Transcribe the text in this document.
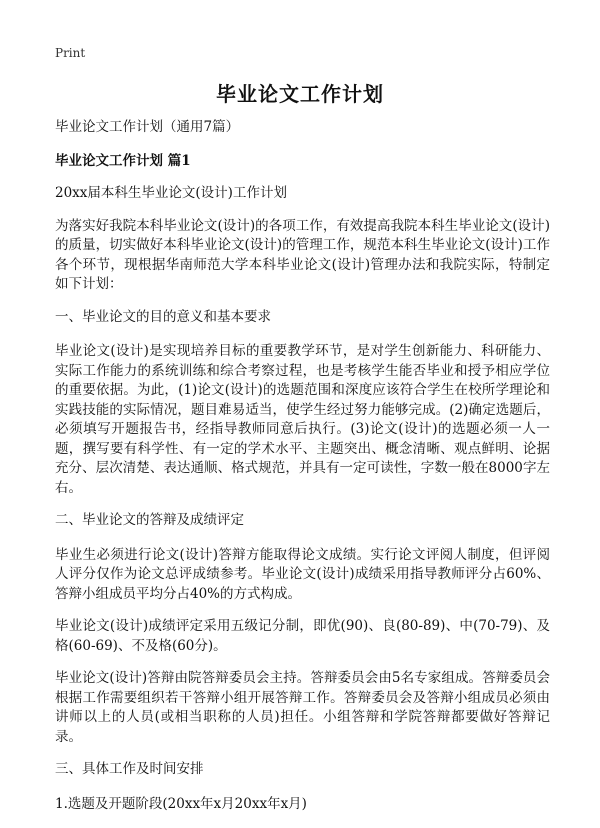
Print
毕业论文工作计划

毕业论文工作计划（通用7篇）

毕业论文工作计划 篇1

20xx届本科生毕业论文(设计)工作计划

为落实好我院本科毕业论文(设计)的各项工作，有效提高我院本科生毕业论文(设计)的质量，切实做好本科毕业论文(设计)的管理工作，规范本科生毕业论文(设计)工作各个环节，现根据华南师范大学本科毕业论文(设计)管理办法和我院实际，特制定如下计划：

一、毕业论文的目的意义和基本要求

毕业论文(设计)是实现培养目标的重要教学环节，是对学生创新能力、科研能力、实际工作能力的系统训练和综合考察过程，也是考核学生能否毕业和授予相应学位的重要依据。为此，(1)论文(设计)的选题范围和深度应该符合学生在校所学理论和实践技能的实际情况，题目难易适当，使学生经过努力能够完成。(2)确定选题后，必须填写开题报告书，经指导教师同意后执行。(3)论文(设计)的选题必须一人一题，撰写要有科学性、有一定的学术水平、主题突出、概念清晰、观点鲜明、论据充分、层次清楚、表达通顺、格式规范，并具有一定可读性，字数一般在8000字左右。

二、毕业论文的答辩及成绩评定

毕业生必须进行论文(设计)答辩方能取得论文成绩。实行论文评阅人制度，但评阅人评分仅作为论文总评成绩参考。毕业论文(设计)成绩采用指导教师评分占60%、答辩小组成员平均分占40%的方式构成。

毕业论文(设计)成绩评定采用五级记分制，即优(90)、良(80-89)、中(70-79)、及格(60-69)、不及格(60分)。

毕业论文(设计)答辩由院答辩委员会主持。答辩委员会由5名专家组成。答辩委员会根据工作需要组织若干答辩小组开展答辩工作。答辩委员会及答辩小组成员必须由讲师以上的人员(或相当职称的人员)担任。小组答辩和学院答辩都要做好答辩记录。

三、具体工作及时间安排

1.选题及开题阶段(20xx年x月20xx年x月)
